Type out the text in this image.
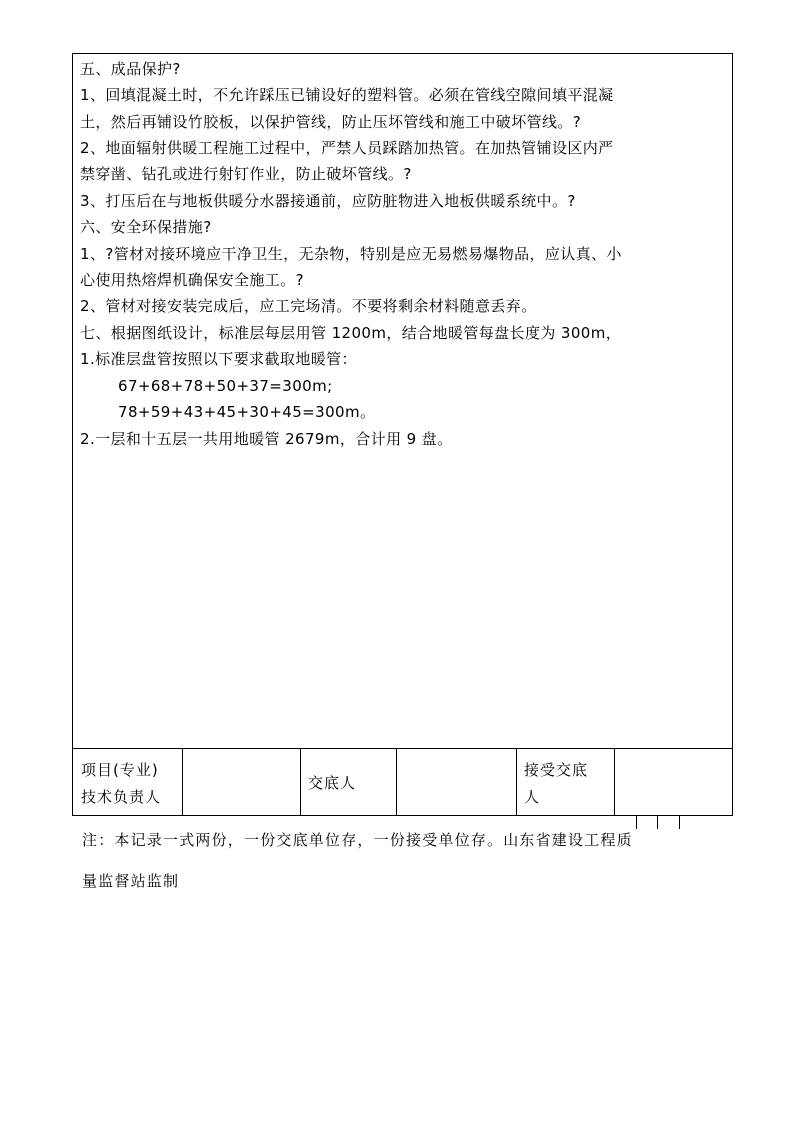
五、成品保护?
1、回填混凝土时，不允许踩压已铺设好的塑料管。必须在管线空隙间填平混凝
土，然后再铺设竹胶板，以保护管线，防止压坏管线和施工中破坏管线。?
2、地面辐射供暖工程施工过程中，严禁人员踩踏加热管。在加热管铺设区内严
禁穿凿、钻孔或进行射钉作业，防止破坏管线。?
3、打压后在与地板供暖分水器接通前，应防脏物进入地板供暖系统中。?
六、安全环保措施?
1、?管材对接环境应干净卫生，无杂物，特别是应无易燃易爆物品，应认真、小
心使用热熔焊机确保安全施工。?
2、管材对接安装完成后，应工完场清。不要将剩余材料随意丢弃。
七、根据图纸设计，标准层每层用管 1200m，结合地暖管每盘长度为 300m，
1.标准层盘管按照以下要求截取地暖管：
67+68+78+50+37=300m;
78+59+43+45+30+45=300m。
2.一层和十五层一共用地暖管 2679m，合计用 9 盘。
项目(专业)
技术负责人
交底人
接受交底
人
注：本记录一式两份，一份交底单位存，一份接受单位存。山东省建设工程质
量监督站监制
